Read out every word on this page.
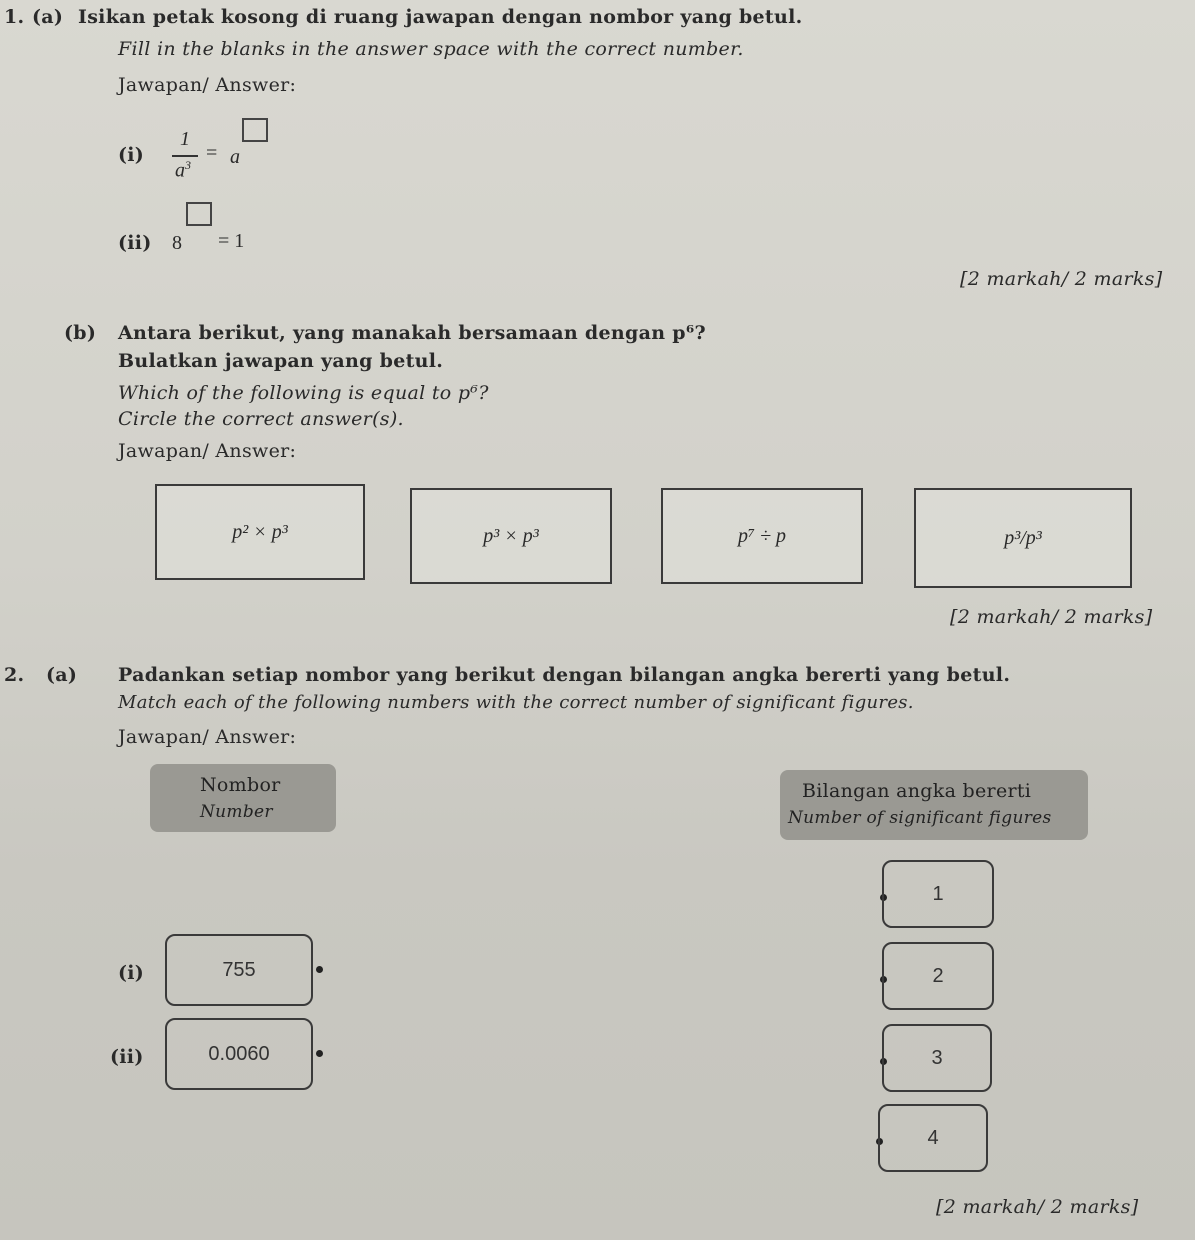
1. (a) Isikan petak kosong di ruang jawapan dengan nombor yang betul.
Fill in the blanks in the answer space with the correct number.
Jawapan/ Answer:
(i)
1
$a^3$
= a
(ii) 8 = 1
[2 markah/ 2 marks]
(b) Antara berikut, yang manakah bersamaan dengan p⁶?
Bulatkan jawapan yang betul.
Which of the following is equal to p⁶?
Circle the correct answer(s).
Jawapan/ Answer:
p² × p³	p³ × p³	p⁷ ÷ p	p³/p³
[2 markah/ 2 marks]
2. (a) Padankan setiap nombor yang berikut dengan bilangan angka bererti yang betul.
Match each of the following numbers with the correct number of significant figures.
Jawapan/ Answer:
Nombor
Number
Bilangan angka bererti
Number of significant figures
(i)	755
(ii)	0.0060
1
2
3
4
[2 markah/ 2 marks]
